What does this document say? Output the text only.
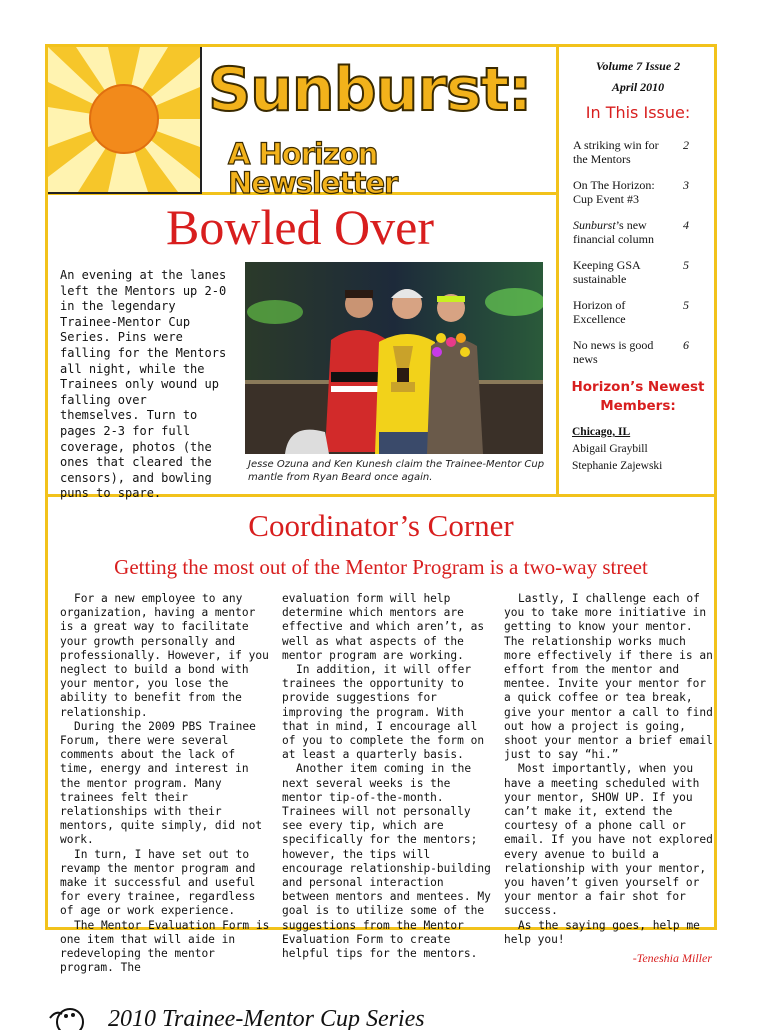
Sunburst:
A Horizon Newsletter
Bowled Over
An evening at the lanes left the Mentors up 2-0 in the legendary Trainee-Mentor Cup Series. Pins were falling for the Mentors all night, while the Trainees only wound up falling over themselves. Turn to pages 2-3 for full coverage, photos (the ones that cleared the censors), and bowling puns to spare.
Jesse Ozuna and Ken Kunesh claim the Trainee-Mentor Cup mantle from Ryan Beard once again.
Volume 7 Issue 2
April 2010
In This Issue:
A striking win for the Mentors
2
On The Horizon: Cup Event #3
3
Sunburst’s new financial column
4
Keeping GSA sustainable
5
Horizon of Excellence
5
No news is good news
6
Horizon’s Newest Members:
Chicago, IL
Abigail Graybill
Stephanie Zajewski
Coordinator’s Corner
Getting the most out of the Mentor Program is a two-way street

For a new employee to any organization, having a mentor is a great way to facilitate your growth personally and professionally. However, if you neglect to build a bond with your mentor, you lose the ability to benefit from the relationship.

During the 2009 PBS Trainee Forum, there were several comments about the lack of time, energy and interest in the mentor program. Many trainees felt their relationships with their mentors, quite simply, did not work.

In turn, I have set out to revamp the mentor program and make it successful and useful for every trainee, regardless of age or work experience.

The Mentor Evaluation Form is one item that will aide in redeveloping the mentor program. The

evaluation form will help determine which mentors are effective and which aren’t, as well as what aspects of the mentor program are working.

In addition, it will offer trainees the opportunity to provide suggestions for improving the program. With that in mind, I encourage all of you to complete the form on at least a quarterly basis.

Another item coming in the next several weeks is the mentor tip-of-the-month. Trainees will not personally see every tip, which are specifically for the mentors; however, the tips will encourage relationship-building and personal interaction between mentors and mentees. My goal is to utilize some of the suggestions from the Mentor Evaluation Form to create helpful tips for the mentors.

Lastly, I challenge each of you to take more initiative in getting to know your mentor. The relationship works much more effectively if there is an effort from the mentor and mentee. Invite your mentor for a quick coffee or tea break, give your mentor a call to find out how a project is going, shoot your mentor a brief email just to say “hi.”

Most importantly, when you have a meeting scheduled with your mentor, SHOW UP. If you can’t make it, extend the courtesy of a phone call or email. If you have not explored every avenue to build a relationship with your mentor, you haven’t given yourself or your mentor a fair shot for success.

As the saying goes, help me help you!

-Teneshia Miller
2010 Trainee-Mentor Cup Series
